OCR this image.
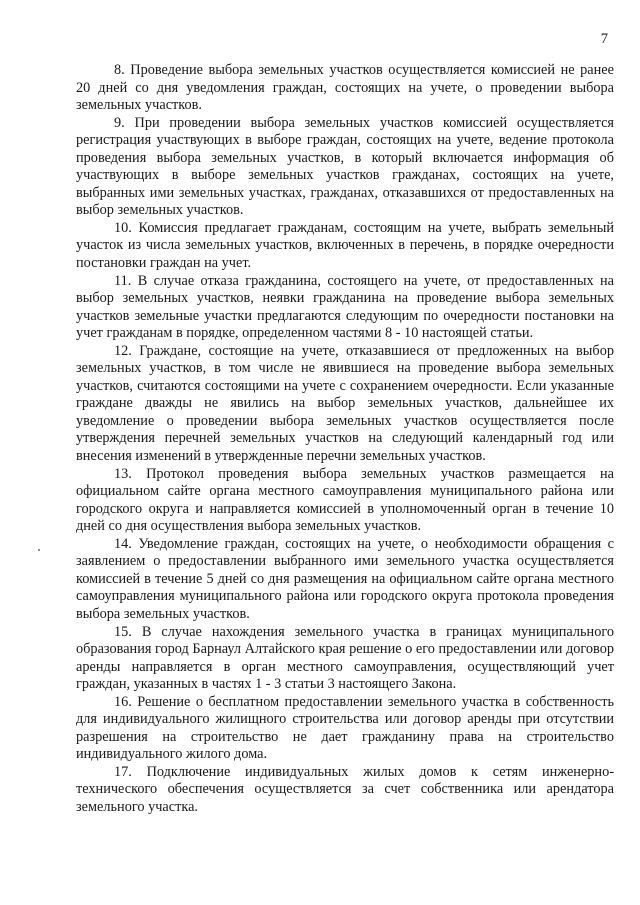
7

8. Проведение выбора земельных участков осуществляется комиссией не ранее 20 дней со дня уведомления граждан, состоящих на учете, о проведении выбора земельных участков.

9. При проведении выбора земельных участков комиссией осуществляется регистрация участвующих в выборе граждан, состоящих на учете, ведение протокола проведения выбора земельных участков, в который включается информация об участвующих в выборе земельных участков гражданах, состоящих на учете, выбранных ими земельных участках, гражданах, отказавшихся от предоставленных на выбор земельных участков.

10. Комиссия предлагает гражданам, состоящим на учете, выбрать земельный участок из числа земельных участков, включенных в перечень, в порядке очередности постановки граждан на учет.

11. В случае отказа гражданина, состоящего на учете, от предоставленных на выбор земельных участков, неявки гражданина на проведение выбора земельных участков земельные участки предлагаются следующим по очередности постановки на учет гражданам в порядке, определенном частями 8 - 10 настоящей статьи.

12. Граждане, состоящие на учете, отказавшиеся от предложенных на выбор земельных участков, в том числе не явившиеся на проведение выбора земельных участков, считаются состоящими на учете с сохранением очередности. Если указанные граждане дважды не явились на выбор земельных участков, дальнейшее их уведомление о проведении выбора земельных участков осуществляется после утверждения перечней земельных участков на следующий календарный год или внесения изменений в утвержденные перечни земельных участков.

13. Протокол проведения выбора земельных участков размещается на официальном сайте органа местного самоуправления муниципального района или городского округа и направляется комиссией в уполномоченный орган в течение 10 дней со дня осуществления выбора земельных участков.

14. Уведомление граждан, состоящих на учете, о необходимости обращения с заявлением о предоставлении выбранного ими земельного участка осуществляется комиссией в течение 5 дней со дня размещения на официальном сайте органа местного самоуправления муниципального района или городского округа протокола проведения выбора земельных участков.

15. В случае нахождения земельного участка в границах муниципального образования город Барнаул Алтайского края решение о его предоставлении или договор аренды направляется в орган местного самоуправления, осуществляющий учет граждан, указанных в частях 1 - 3 статьи 3 настоящего Закона.

16. Решение о бесплатном предоставлении земельного участка в собственность для индивидуального жилищного строительства или договор аренды при отсутствии разрешения на строительство не дает гражданину права на строительство индивидуального жилого дома.

17. Подключение индивидуальных жилых домов к сетям инженерно-технического обеспечения осуществляется за счет собственника или арендатора земельного участка.
